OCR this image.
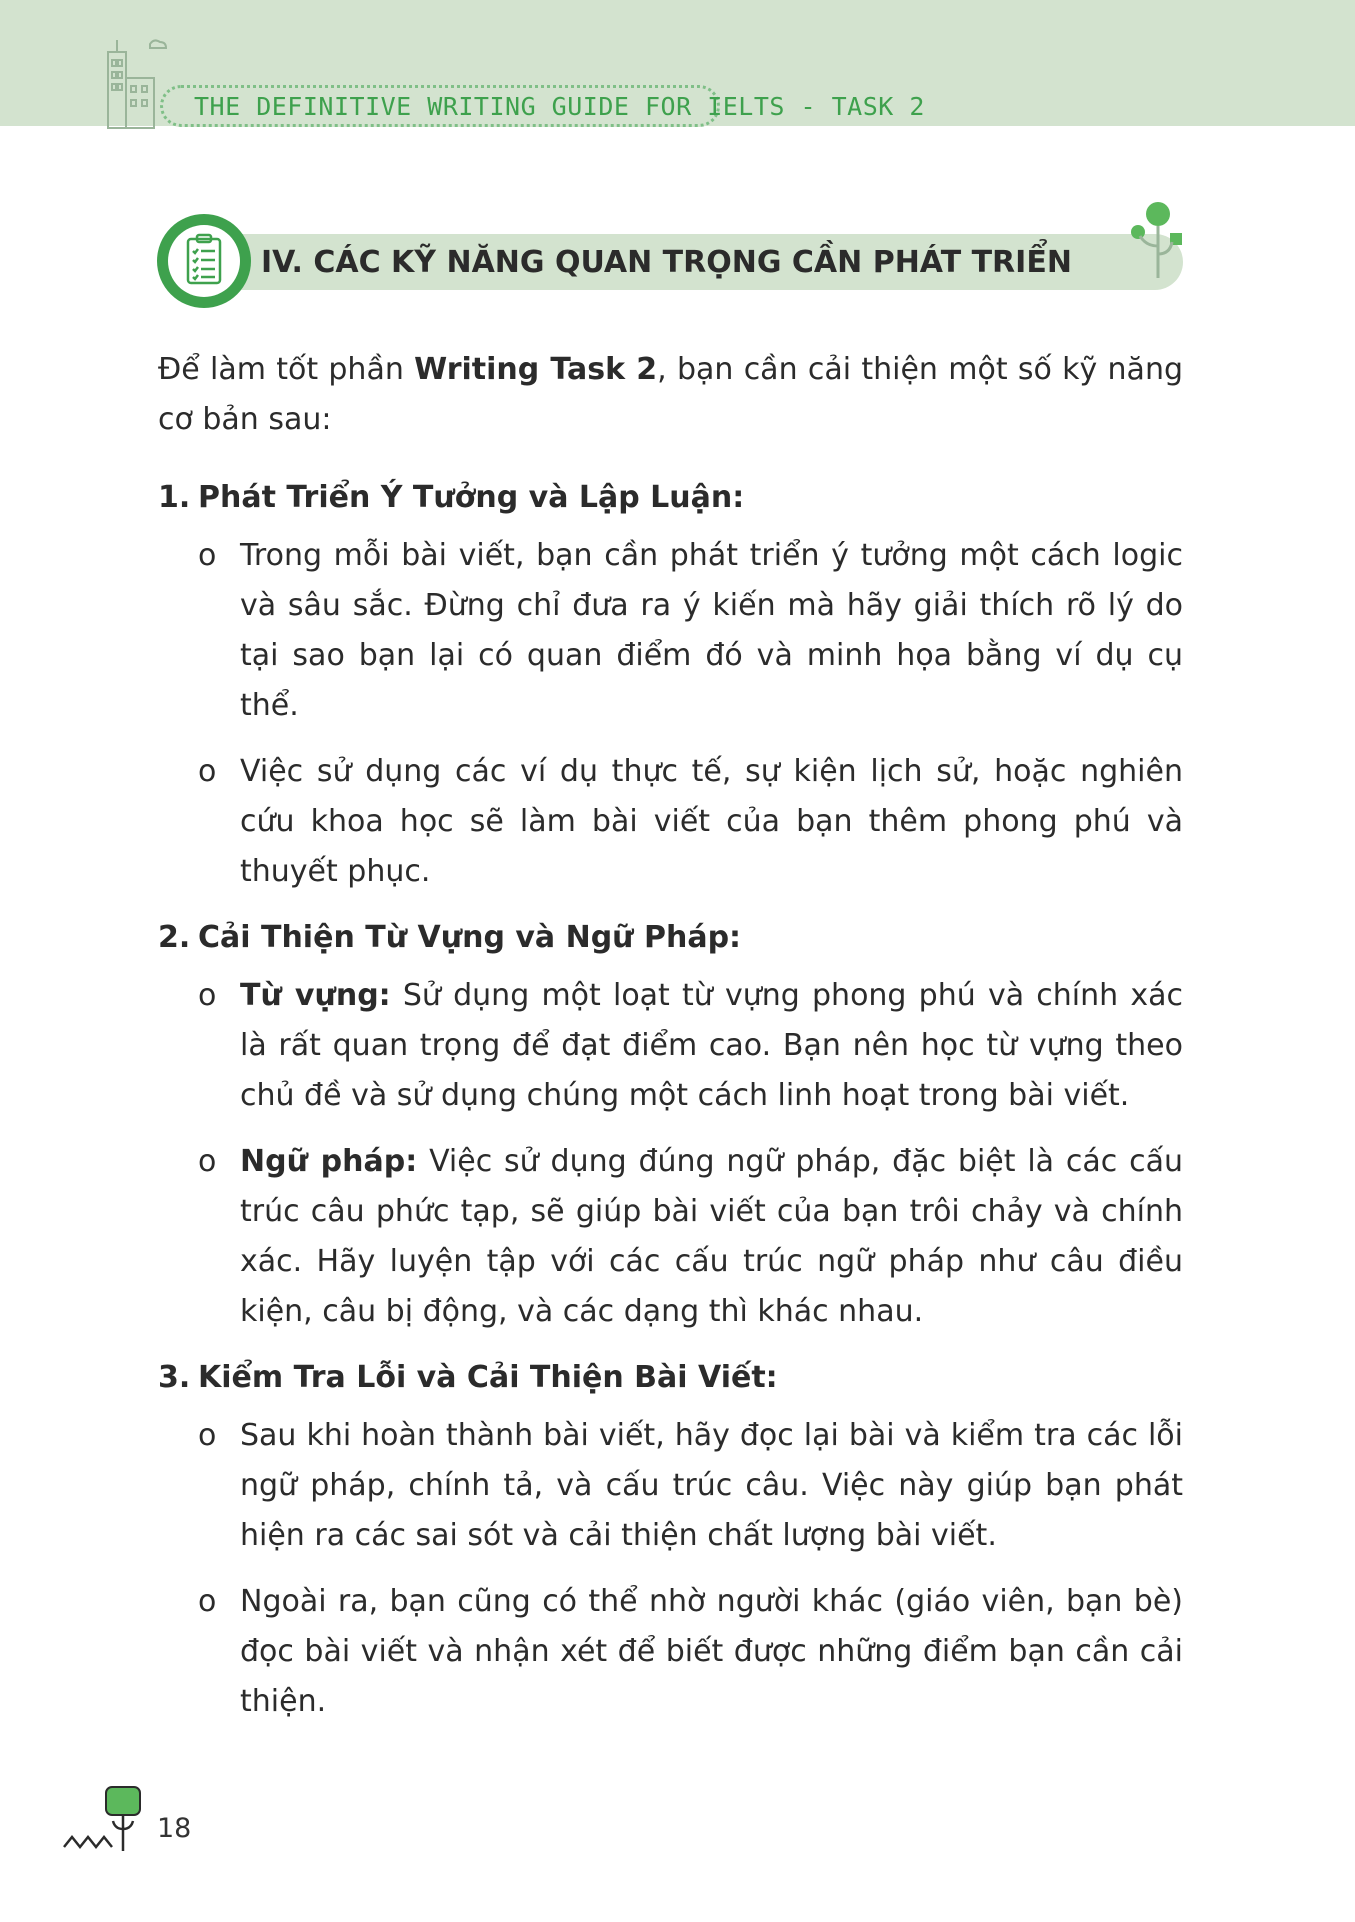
THE DEFINITIVE WRITING GUIDE FOR IELTS - TASK 2
IV. CÁC KỸ NĂNG QUAN TRỌNG CẦN PHÁT TRIỂN

Để làm tốt phần Writing Task 2, bạn cần cải thiện một số kỹ năng cơ bản sau:

1. Phát Triển Ý Tưởng và Lập Luận:
o Trong mỗi bài viết, bạn cần phát triển ý tưởng một cách logic và sâu sắc. Đừng chỉ đưa ra ý kiến mà hãy giải thích rõ lý do tại sao bạn lại có quan điểm đó và minh họa bằng ví dụ cụ thể.
o Việc sử dụng các ví dụ thực tế, sự kiện lịch sử, hoặc nghiên cứu khoa học sẽ làm bài viết của bạn thêm phong phú và thuyết phục.
2. Cải Thiện Từ Vựng và Ngữ Pháp:
o Từ vựng: Sử dụng một loạt từ vựng phong phú và chính xác là rất quan trọng để đạt điểm cao. Bạn nên học từ vựng theo chủ đề và sử dụng chúng một cách linh hoạt trong bài viết.
o Ngữ pháp: Việc sử dụng đúng ngữ pháp, đặc biệt là các cấu trúc câu phức tạp, sẽ giúp bài viết của bạn trôi chảy và chính xác. Hãy luyện tập với các cấu trúc ngữ pháp như câu điều kiện, câu bị động, và các dạng thì khác nhau.
3. Kiểm Tra Lỗi và Cải Thiện Bài Viết:
o Sau khi hoàn thành bài viết, hãy đọc lại bài và kiểm tra các lỗi ngữ pháp, chính tả, và cấu trúc câu. Việc này giúp bạn phát hiện ra các sai sót và cải thiện chất lượng bài viết.
o Ngoài ra, bạn cũng có thể nhờ người khác (giáo viên, bạn bè) đọc bài viết và nhận xét để biết được những điểm bạn cần cải thiện.
18
